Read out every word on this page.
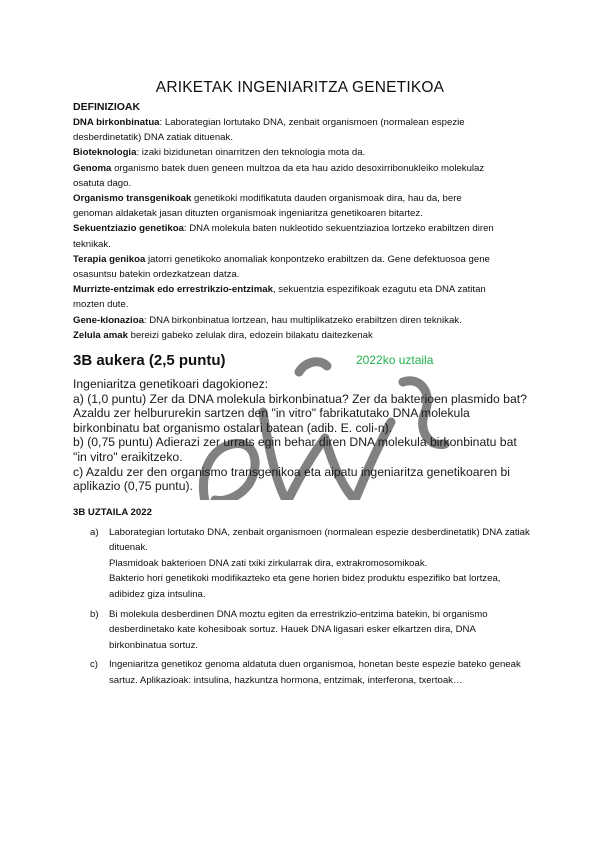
ARIKETAK INGENIARITZA GENETIKOA
DEFINIZIOAK

DNA birkonbinatua: Laborategian lortutako DNA, zenbait organismoen (normalean espezie desberdinetatik) DNA zatiak dituenak.

Bioteknologia: izaki bizidunetan oinarritzen den teknologia mota da.

Genoma organismo batek duen geneen multzoa da eta hau azido desoxirribonukleiko molekulaz osatuta dago.

Organismo transgenikoak genetikoki modifikatuta dauden organismoak dira, hau da, bere genoman aldaketak jasan dituzten organismoak ingeniaritza genetikoaren bitartez.

Sekuentziazio genetikoa: DNA molekula baten nukleotido sekuentziazioa lortzeko erabiltzen diren teknikak.

Terapia genikoa jatorri genetikoko anomaliak konpontzeko erabiltzen da. Gene defektuosoa gene osasuntsu batekin ordezkatzean datza.

Murrizte-entzimak edo errestrikzio-entzimak, sekuentzia espezifikoak ezagutu eta DNA zatitan mozten dute.

Gene-klonazioa: DNA birkonbinatua lortzean, hau multiplikatzeko erabiltzen diren teknikak.

Zelula amak bereizi gabeko zelulak dira, edozein bilakatu daitezkenak

3B aukera (2,5 puntu)	2022ko uztaila

Ingeniaritza genetikoari dagokionez:

a) (1,0 puntu) Zer da DNA molekula birkonbinatua? Zer da bakterioen plasmido bat? Azaldu zer helbururekin sartzen den "in vitro" fabrikatutako DNA molekula birkonbinatu bat organismo ostalari batean (adib. E. coli-n).

b) (0,75 puntu) Adierazi zer urrats egin behar diren DNA molekula birkonbinatu bat "in vitro" eraikitzeko.

c) Azaldu zer den organismo transgenikoa eta aipatu ingeniaritza genetikoaren bi aplikazio (0,75 puntu).

3B UZTAILA 2022
a) Laborategian lortutako DNA, zenbait organismoen (normalean espezie desberdinetatik) DNA zatiak dituenak.

Plasmidoak bakterioen DNA zati txiki zirkularrak dira, extrakromosomikoak.

Bakterio hori genetikoki modifikazteko eta gene horien bidez produktu espezifiko bat lortzea, adibidez giza intsulina.

b) Bi molekula desberdinen DNA moztu egiten da errestrikzio-entzima batekin, bi organismo desberdinetako kate kohesiboak sortuz. Hauek DNA ligasari esker elkartzen dira, DNA birkonbinatua sortuz.

c) Ingeniaritza genetikoz genoma aldatuta duen organismoa, honetan beste espezie bateko geneak sartuz. Aplikazioak: intsulina, hazkuntza hormona, entzimak, interferona, txertoak…
